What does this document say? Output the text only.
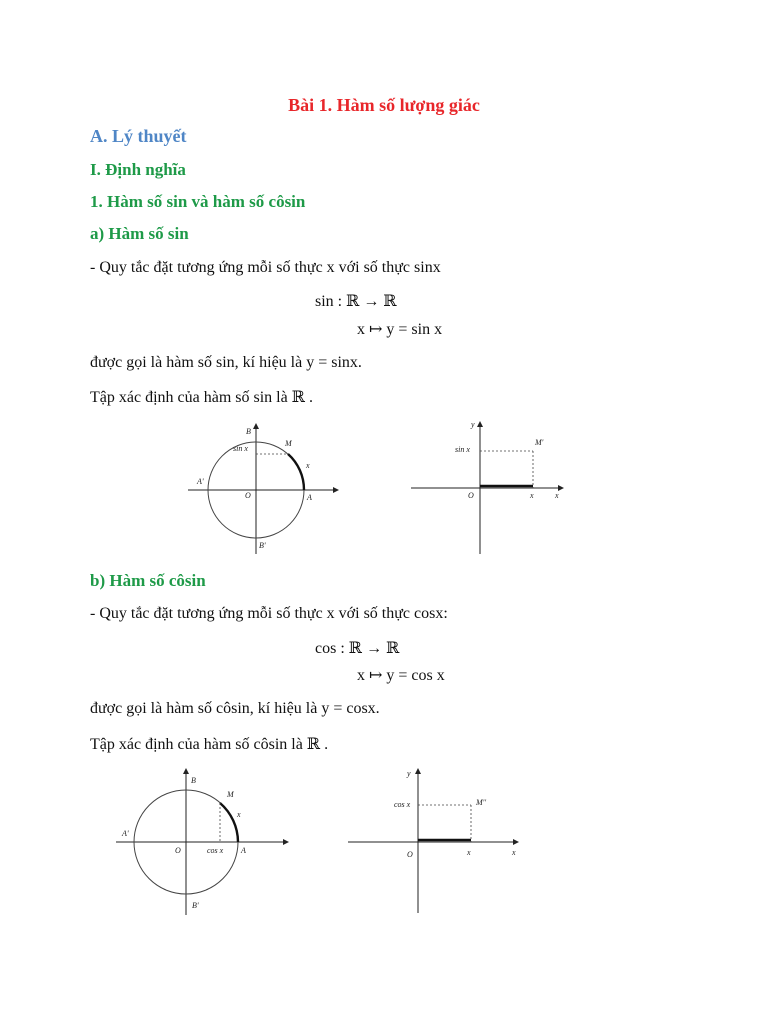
Bài 1. Hàm số lượng giác
A. Lý thuyết
I. Định nghĩa
1. Hàm số sin và hàm số côsin
a) Hàm số sin
- Quy tắc đặt tương ứng mỗi số thực x với số thực sinx
sin : ℝ → ℝ
x ↦ y = sin x
được gọi là hàm số sin, kí hiệu là y = sinx.
Tập xác định của hàm số sin là ℝ .
B
M
sin x
x
A'
O	A
B'
y
M'
sin x
O	x	x
b) Hàm số côsin
- Quy tắc đặt tương ứng mỗi số thực x với số thực cosx:
cos : ℝ → ℝ
x ↦ y = cos x
được gọi là hàm số côsin, kí hiệu là y = cosx.
Tập xác định của hàm số côsin là ℝ .
B
M
x
A'
O	cos x A
B'
y
cos x	M''
O	x	x
